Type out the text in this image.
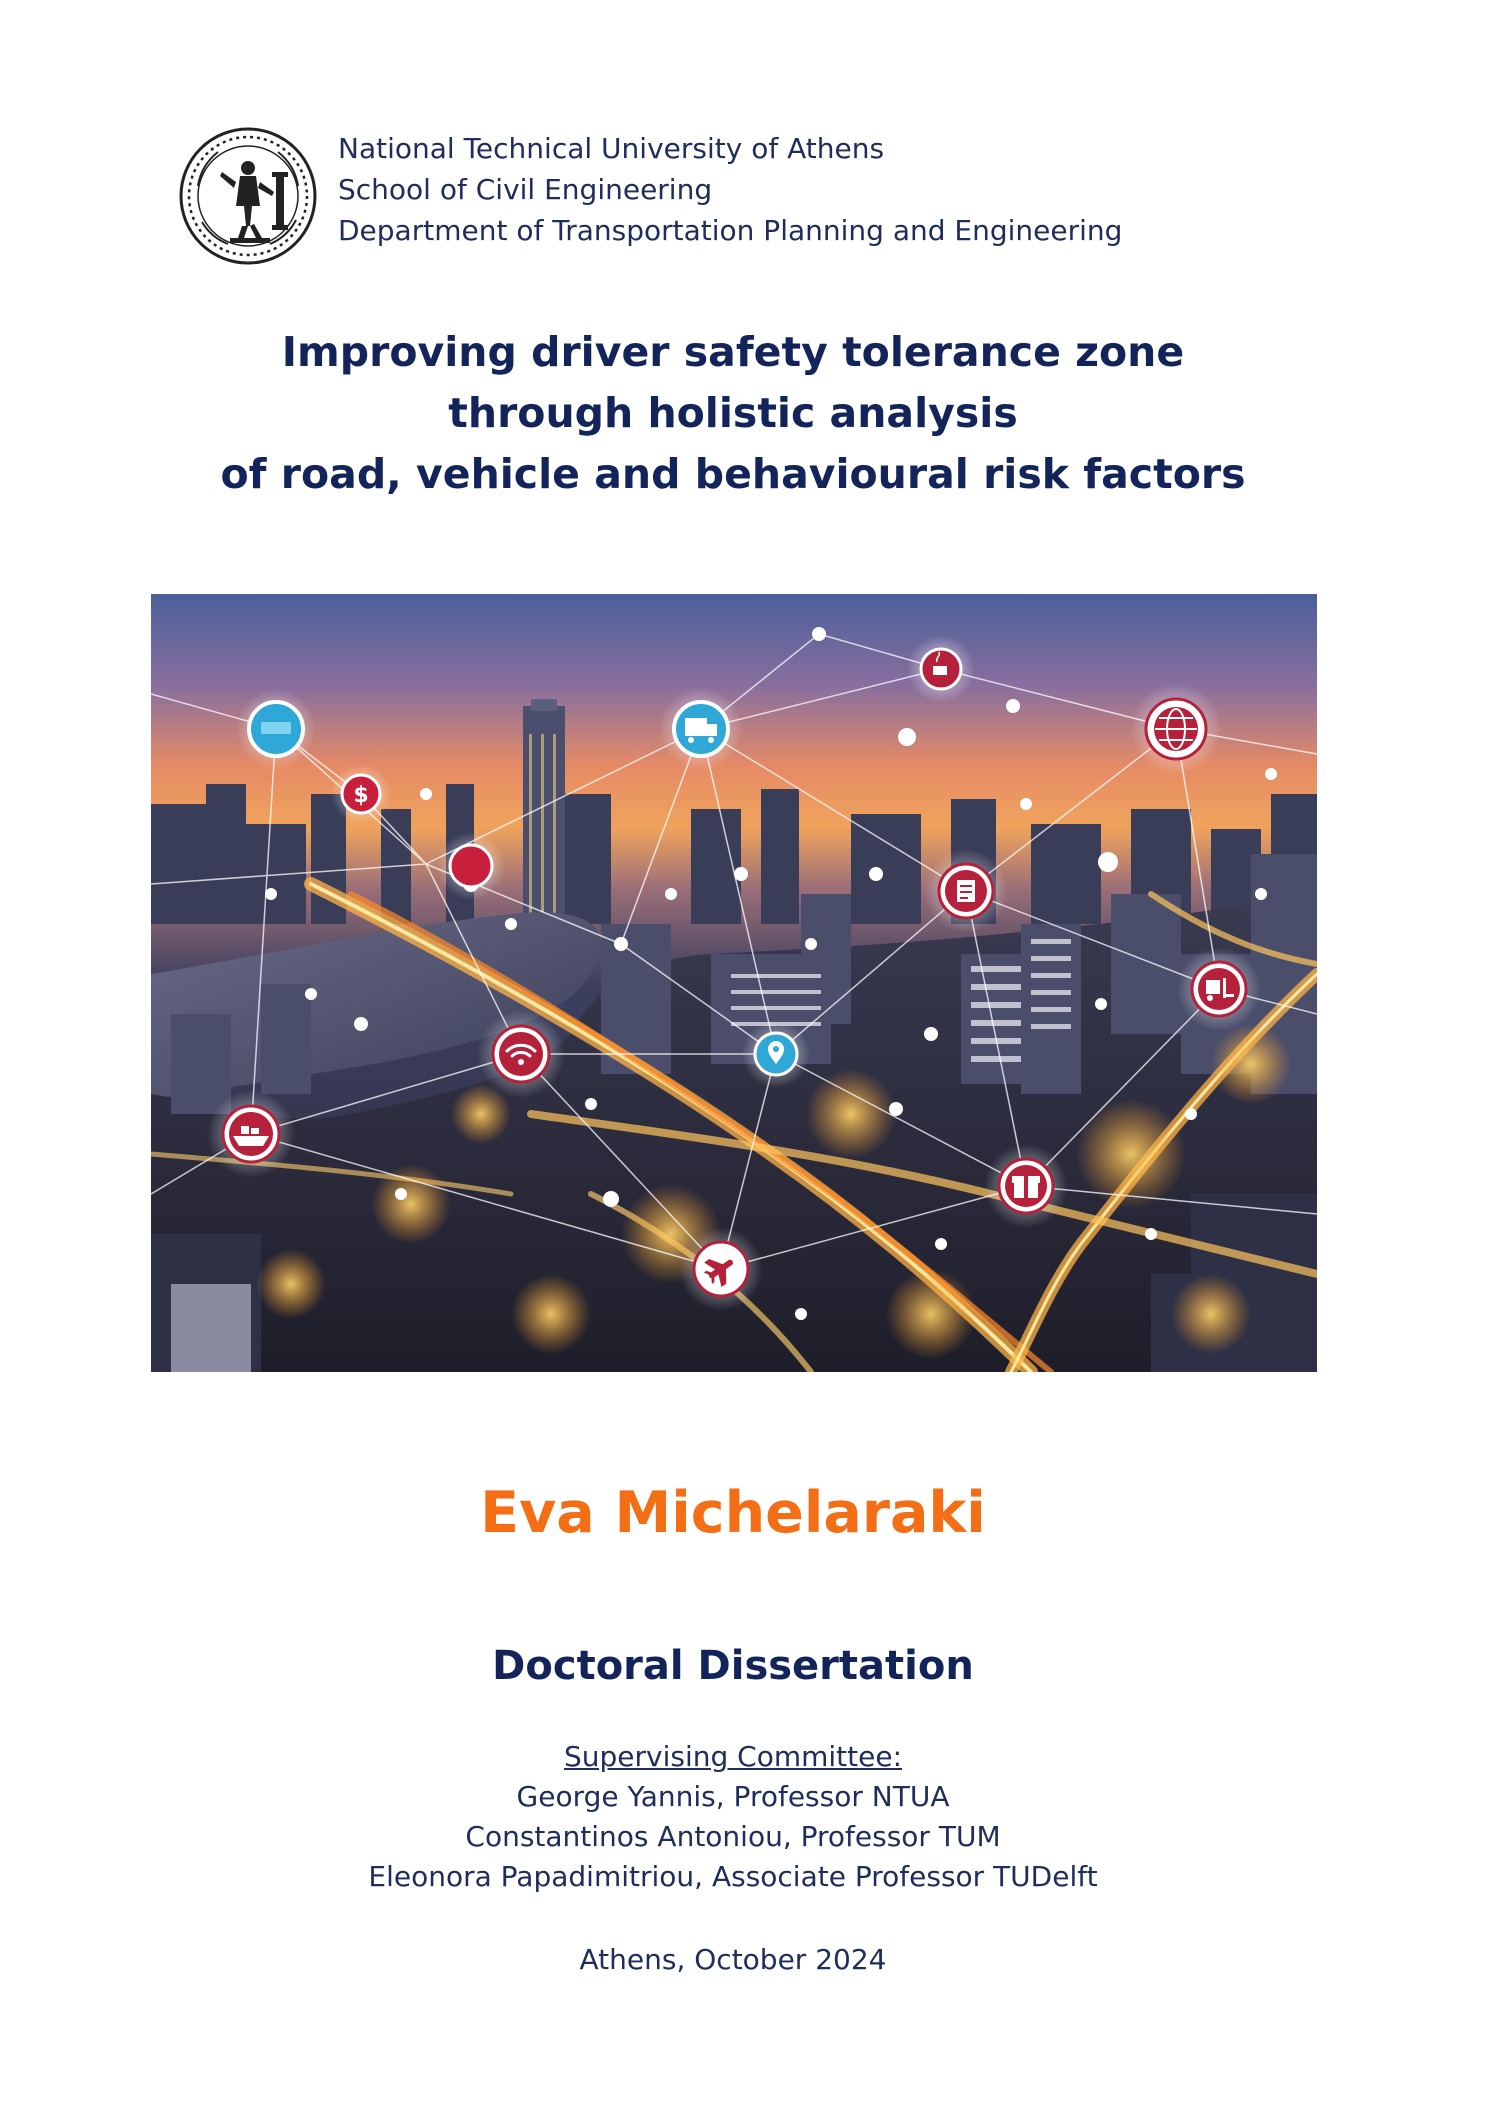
National Technical University of Athens
School of Civil Engineering
Department of Transportation Planning and Engineering
Improving driver safety tolerance zone
through holistic analysis
of road, vehicle and behavioural risk factors
$
Eva Michelaraki
Doctoral Dissertation
Supervising Committee:
George Yannis, Professor NTUA
Constantinos Antoniou, Professor TUM
Eleonora Papadimitriou, Associate Professor TUDelft
Athens, October 2024
